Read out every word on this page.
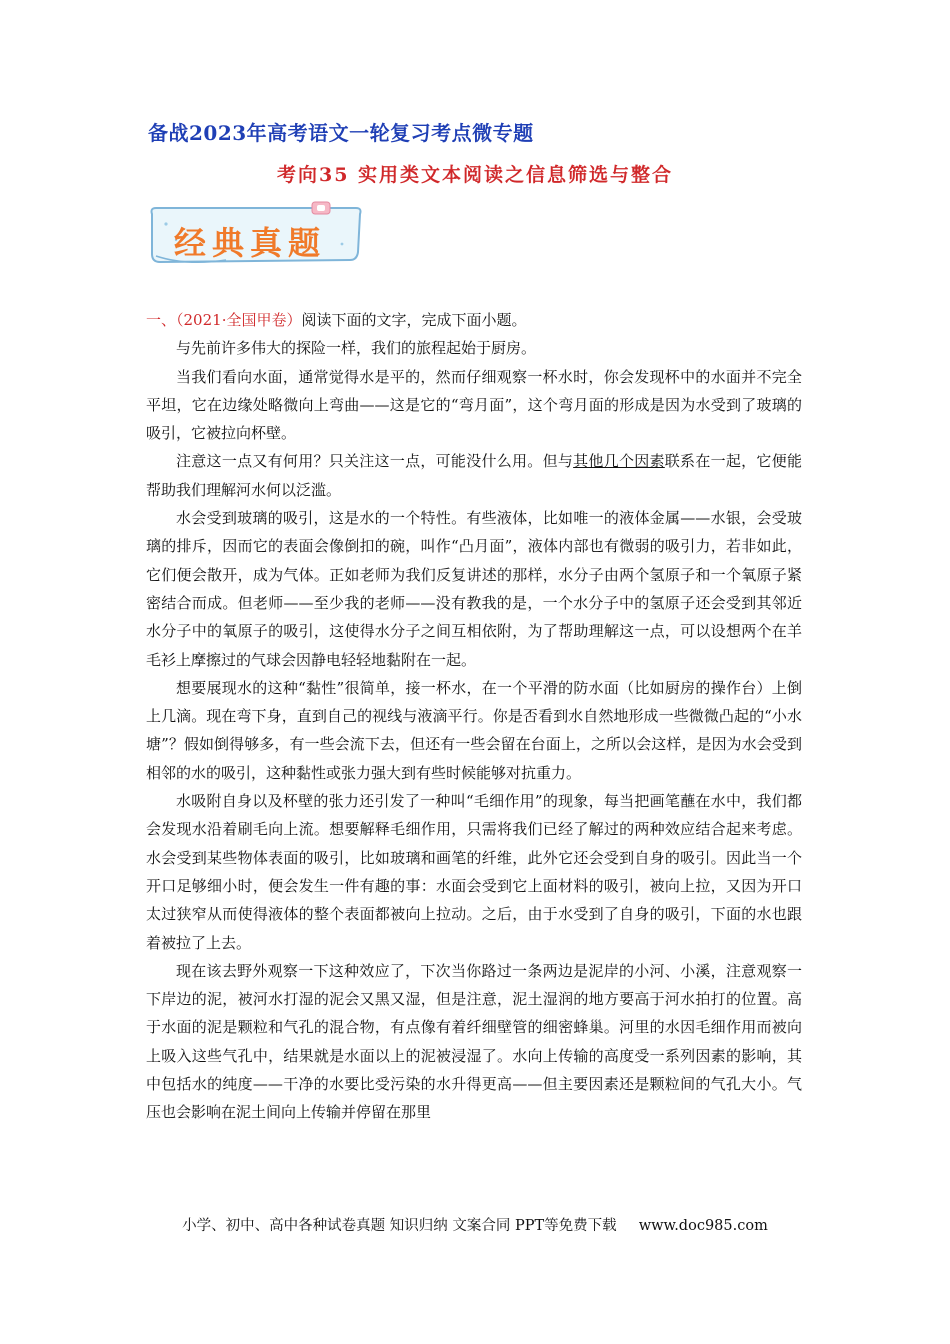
备战2023年高考语文一轮复习考点微专题
考向35 实用类文本阅读之信息筛选与整合
经典真题

一、（2021·全国甲卷）阅读下面的文字，完成下面小题。

与先前许多伟大的探险一样，我们的旅程起始于厨房。

当我们看向水面，通常觉得水是平的，然而仔细观察一杯水时，你会发现杯中的水面并不完全平坦，它在边缘处略微向上弯曲——这是它的“弯月面”，这个弯月面的形成是因为水受到了玻璃的吸引，它被拉向杯壁。

注意这一点又有何用？只关注这一点，可能没什么用。但与其他几个因素联系在一起，它便能帮助我们理解河水何以泛滥。

水会受到玻璃的吸引，这是水的一个特性。有些液体，比如唯一的液体金属——水银，会受玻璃的排斥，因而它的表面会像倒扣的碗，叫作“凸月面”，液体内部也有微弱的吸引力，若非如此，它们便会散开，成为气体。正如老师为我们反复讲述的那样，水分子由两个氢原子和一个氧原子紧密结合而成。但老师——至少我的老师——没有教我的是，一个水分子中的氢原子还会受到其邻近水分子中的氧原子的吸引，这使得水分子之间互相依附，为了帮助理解这一点，可以设想两个在羊毛衫上摩擦过的气球会因静电轻轻地黏附在一起。

想要展现水的这种“黏性”很简单，接一杯水，在一个平滑的防水面（比如厨房的操作台）上倒上几滴。现在弯下身，直到自己的视线与液滴平行。你是否看到水自然地形成一些微微凸起的“小水塘”？假如倒得够多，有一些会流下去，但还有一些会留在台面上，之所以会这样，是因为水会受到相邻的水的吸引，这种黏性或张力强大到有些时候能够对抗重力。

水吸附自身以及杯壁的张力还引发了一种叫“毛细作用”的现象，每当把画笔蘸在水中，我们都会发现水沿着刷毛向上流。想要解释毛细作用，只需将我们已经了解过的两种效应结合起来考虑。水会受到某些物体表面的吸引，比如玻璃和画笔的纤维，此外它还会受到自身的吸引。因此当一个开口足够细小时，便会发生一件有趣的事：水面会受到它上面材料的吸引，被向上拉，又因为开口太过狭窄从而使得液体的整个表面都被向上拉动。之后，由于水受到了自身的吸引，下面的水也跟着被拉了上去。

现在该去野外观察一下这种效应了，下次当你路过一条两边是泥岸的小河、小溪，注意观察一下岸边的泥，被河水打湿的泥会又黑又湿，但是注意，泥土湿润的地方要高于河水拍打的位置。高于水面的泥是颗粒和气孔的混合物，有点像有着纤细壁管的细密蜂巢。河里的水因毛细作用而被向上吸入这些气孔中，结果就是水面以上的泥被浸湿了。水向上传输的高度受一系列因素的影响，其中包括水的纯度——干净的水要比受污染的水升得更高——但主要因素还是颗粒间的气孔大小。气压也会影响在泥土间向上传输并停留在那里

小学、初中、高中各种试卷真题 知识归纳 文案合同 PPT等免费下载 www.doc985.com
